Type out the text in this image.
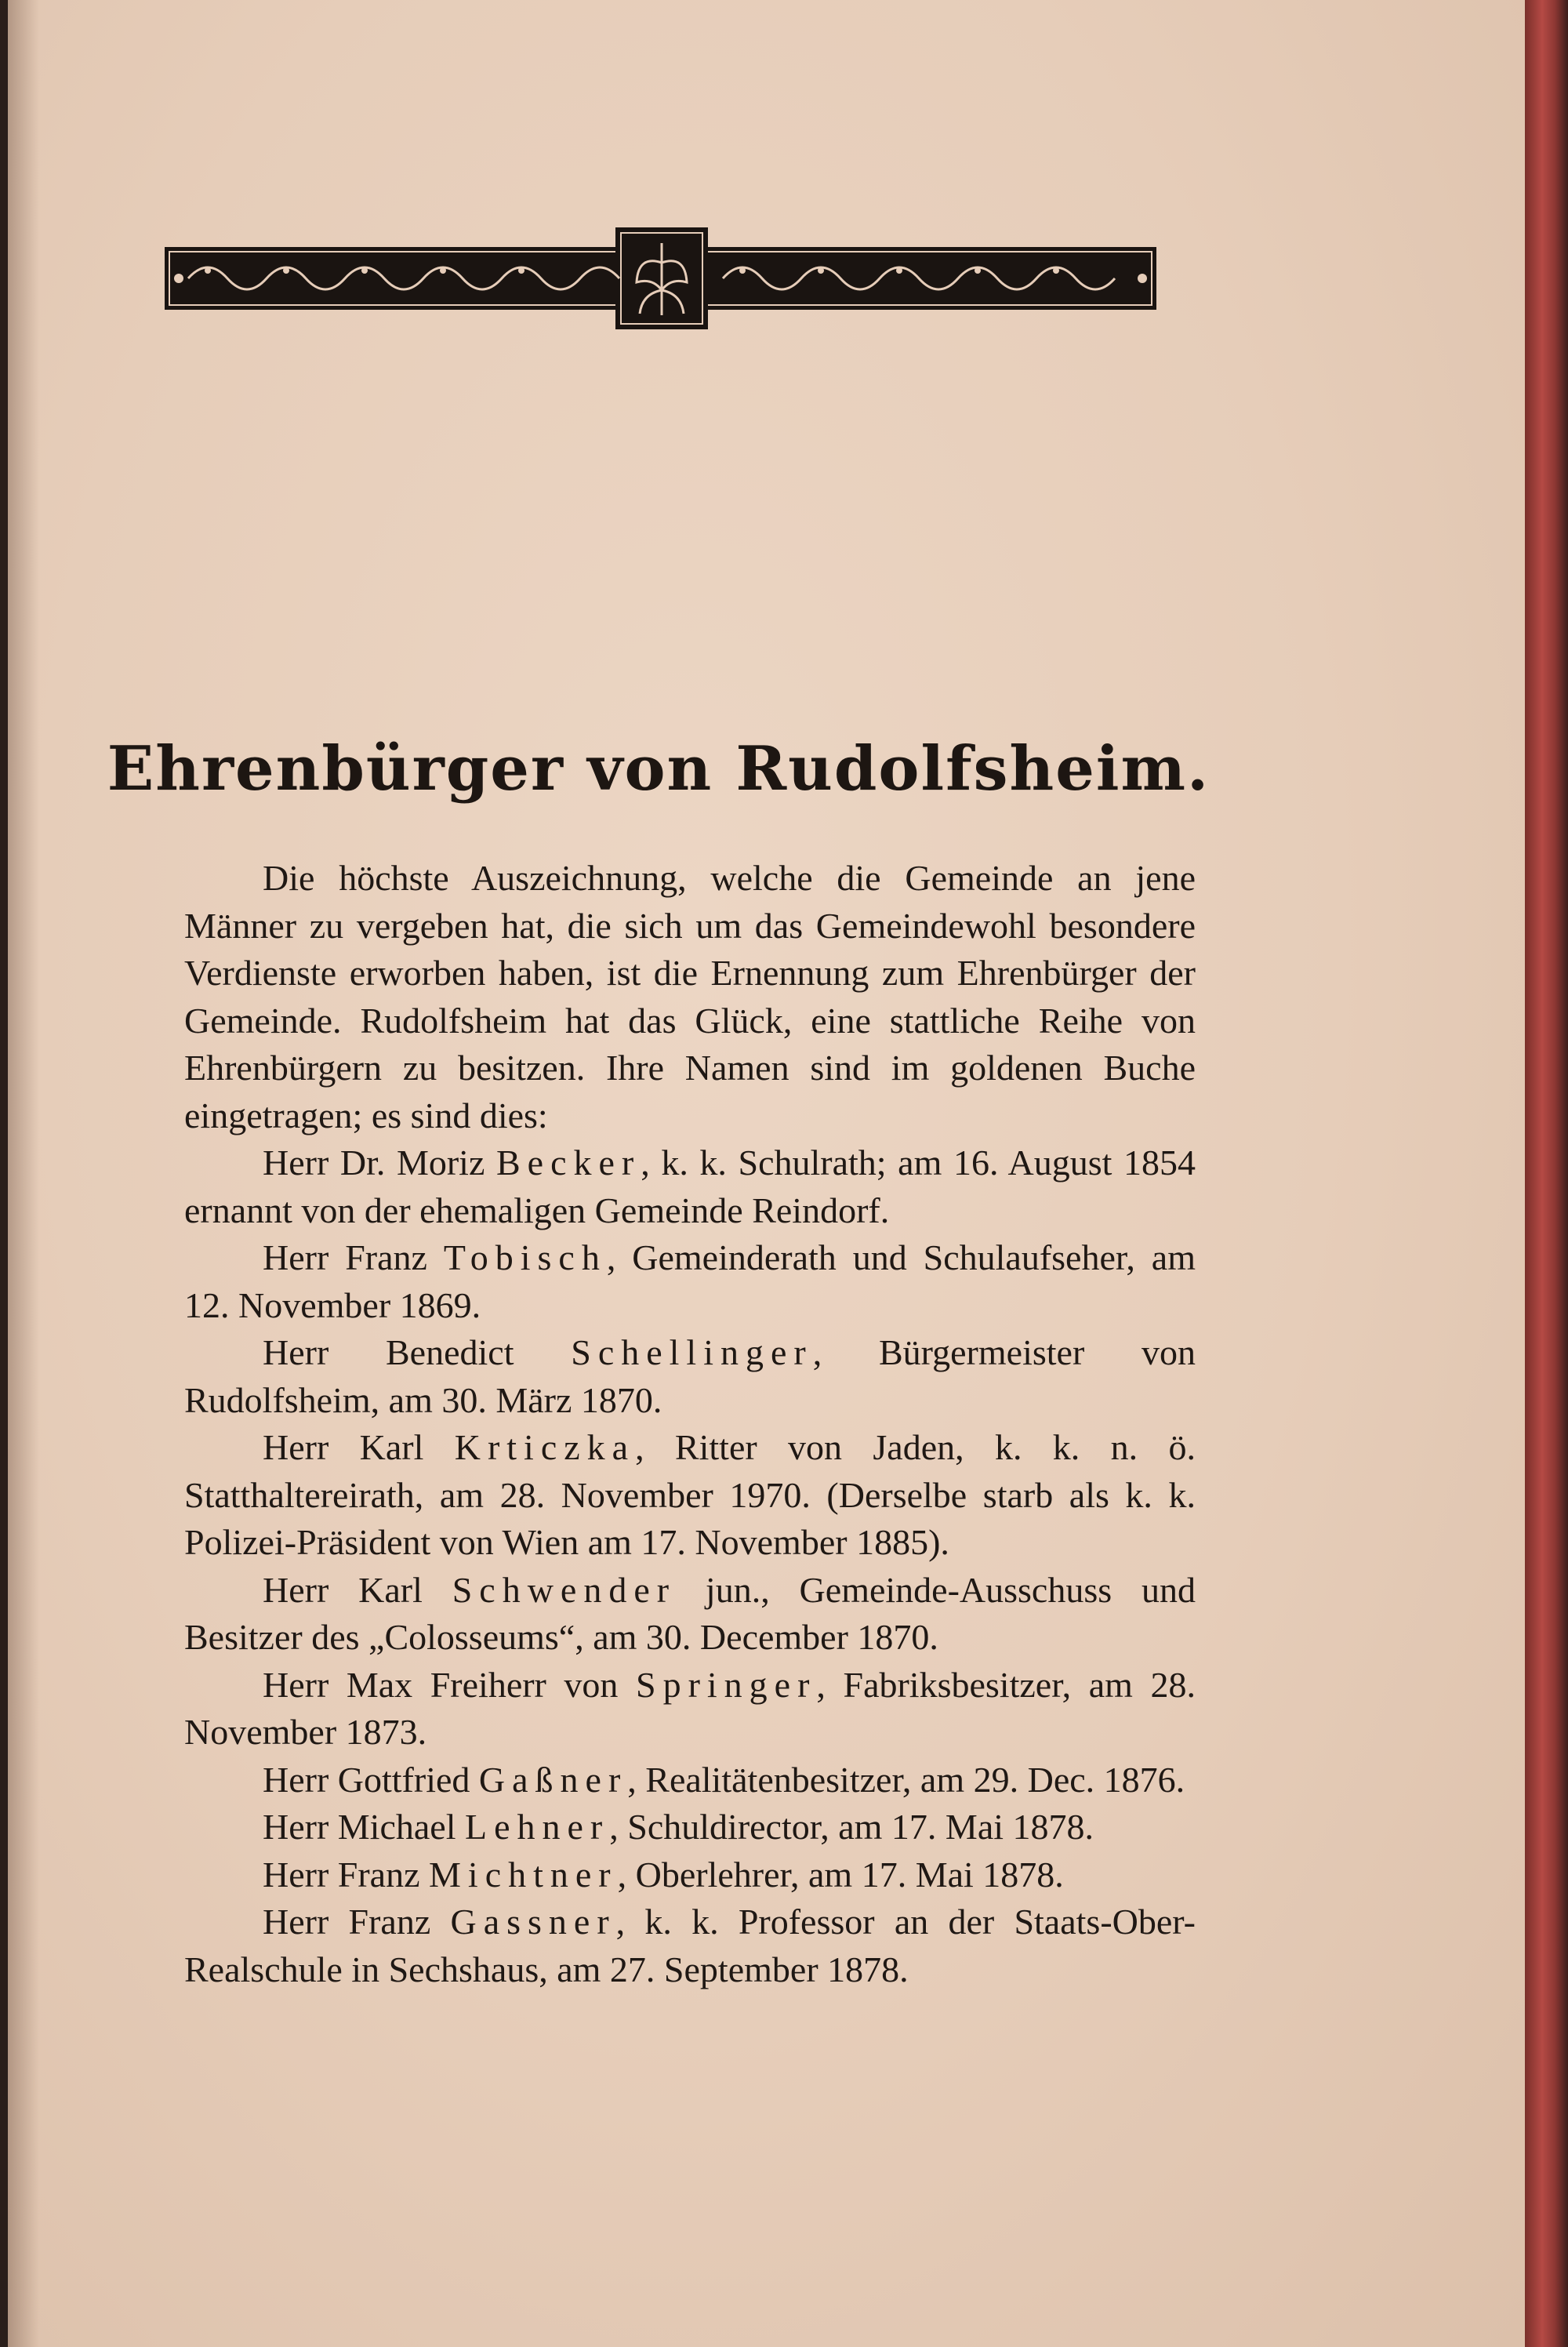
Ehrenbürger von Rudolfsheim.

Die höchste Auszeichnung, welche die Gemeinde an jene Männer zu vergeben hat, die sich um das Gemeindewohl besondere Verdienste erworben haben, ist die Ernennung zum Ehrenbürger der Gemeinde. Rudolfsheim hat das Glück, eine stattliche Reihe von Ehrenbürgern zu besitzen. Ihre Namen sind im goldenen Buche eingetragen; es sind dies:

Herr Dr. Moriz Becker, k. k. Schulrath; am 16. August 1854 ernannt von der ehemaligen Gemeinde Reindorf.

Herr Franz Tobisch, Gemeinderath und Schulaufseher, am 12. November 1869.

Herr Benedict Schellinger, Bürgermeister von Rudolfsheim, am 30. März 1870.

Herr Karl Krticzka, Ritter von Jaden, k. k. n. ö. Statthaltereirath, am 28. November 1970. (Derselbe starb als k. k. Polizei-Präsident von Wien am 17. November 1885).

Herr Karl Schwender jun., Gemeinde-Ausschuss und Besitzer des „Colosseums“, am 30. December 1870.

Herr Max Freiherr von Springer, Fabriksbesitzer, am 28. November 1873.

Herr Gottfried Gaßner, Realitätenbesitzer, am 29. Dec. 1876.

Herr Michael Lehner, Schuldirector, am 17. Mai 1878.

Herr Franz Michtner, Oberlehrer, am 17. Mai 1878.

Herr Franz Gassner, k. k. Professor an der Staats-Ober-Realschule in Sechshaus, am 27. September 1878.
